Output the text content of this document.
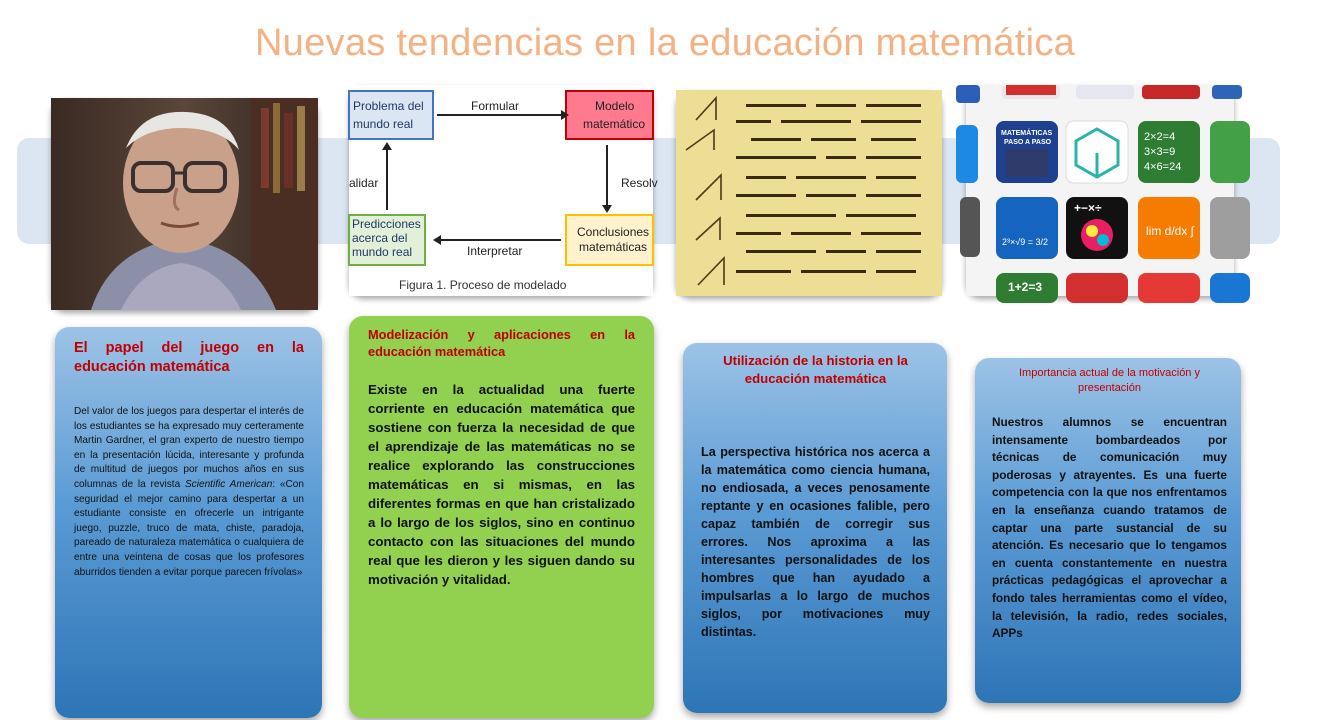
Nuevas tendencias en la educación matemática
Problema del
mundo real
Modelo
matemático
Formular
Predicciones
acerca del
mundo real
Conclusiones
matemáticas
Interpretar
alidar	Resolv
Figura 1. Proceso de modelado
MATEMÁTICAS
PASO A PASO	2×2=4
3×3=9
4×6=24
2³×√9 = 3/2
+−×÷
lim d/dx ∫
1+2=3
El papel del juego en la educación matemática

Del valor de los juegos para despertar el interés de los estudiantes se ha expresado muy certeramente Martin Gardner, el gran experto de nuestro tiempo en la presentación lúcida, interesante y profunda de multitud de juegos por muchos años en sus columnas de la revista Scientific American: «Con seguridad el mejor camino para despertar a un estudiante consiste en ofrecerle un intrigante juego, puzzle, truco de mata, chiste, paradoja, pareado de naturaleza matemática o cualquiera de entre una veintena de cosas que los profesores aburridos tienden a evitar porque parecen frívolas»

Modelización y aplicaciones en la educación matemática

Existe en la actualidad una fuerte corriente en educación matemática que sostiene con fuerza la necesidad de que el aprendizaje de las matemáticas no se realice explorando las construcciones matemáticas en si mismas, en las diferentes formas en que han cristalizado a lo largo de los siglos, sino en continuo contacto con las situaciones del mundo real que les dieron y les siguen dando su motivación y vitalidad.

Utilización de la historia en la educación matemática

La perspectiva histórica nos acerca a la matemática como ciencia humana, no endiosada, a veces penosamente reptante y en ocasiones falible, pero capaz también de corregir sus errores. Nos aproxima a las interesantes personalidades de los hombres que han ayudado a impulsarlas a lo largo de muchos siglos, por motivaciones muy distintas.

Importancia actual de la motivación y presentación

Nuestros alumnos se encuentran intensamente bombardeados por técnicas de comunicación muy poderosas y atrayentes. Es una fuerte competencia con la que nos enfrentamos en la enseñanza cuando tratamos de captar una parte sustancial de su atención. Es necesario que lo tengamos en cuenta constantemente en nuestra prácticas pedagógicas el aprovechar a fondo tales herramientas como el vídeo, la televisión, la radio, redes sociales, APPs
